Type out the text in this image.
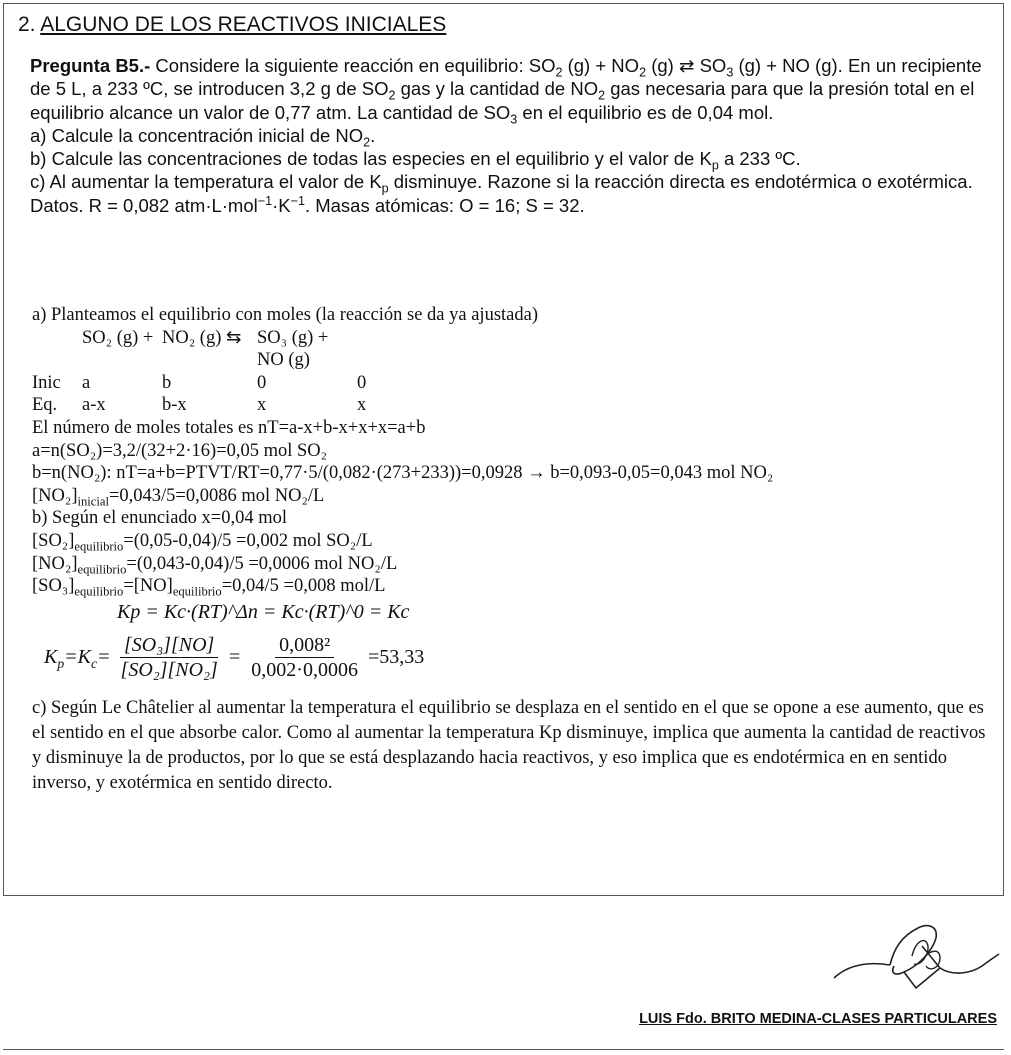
2. ALGUNO DE LOS REACTIVOS INICIALES
Pregunta B5.- Considere la siguiente reacción en equilibrio: $SO_2$ $(g) + NO_2$ (g) ⇄ $SO_3$ (g) + NO (g). En un recipiente de 5 L, a 233 ºC, se introducen 3,2 g de $SO_2$ gas y la cantidad de $NO_2$ gas necesaria para que la presión total en el equilibrio alcance un valor de 0,77 atm. La cantidad de $SO_3$ en el equilibrio es de 0,04 mol.
a) Calcule la concentración inicial de $NO_2$.
b) Calcule las concentraciones de todas las especies en el equilibrio y el valor de $K_p$ a 233 ºC.
c) Al aumentar la temperatura el valor de $K_p$ disminuye. Razone si la reacción directa es endotérmica o exotérmica.
Datos. R = 0,082 $atm\cdot L\cdot mol^{-1}\cdot K^{-1}$. Masas atómicas: O = 16; S = 32.
a) Planteamos el equilibrio con moles (la reacción se da ya ajustada)
SO₂ (g) + NO₂ (g) ⇆ SO₃ (g) + NO (g)
Inic	a	b	0	0
Eq.	a-x	b-x	x	x
El número de moles totales es nT=a-x+b-x+x+x=a+b
a=n(SO₂)=3,2/(32+2·16)=0,05 mol SO₂
b=n(NO₂): nT=a+b=PTVT/RT=0,77·5/(0,082·(273+233))=0,0928 → b=0,093-0,05=0,043 mol NO₂
$[NO_2]_{inicial}=0,043/5=0,0086$ mol NO₂/L
b) Según el enunciado x=0,04 mol
$[SO_2]_{equilibrio}=(0,05-0,04)/5 =0,002$ mol SO₂/L
$[NO_2]_{equilibrio}=(0,043-0,04)/5 =0,0006$ mol NO₂/L
$[SO_3]_{equilibrio}=[NO]_{equilibrio}=0,04/5 =0,008$ mol/L
Kp = Kc·(RT)^Δn = Kc·(RT)^0 = Kc
$K_p=K_c= \frac{\text{[SO₃][NO]}}{\text{[SO₂][NO₂]}} = \frac{\text{0,008²}}{0,002\cdot 0,0006} =53,33$
c) Según Le Châtelier al aumentar la temperatura el equilibrio se desplaza en el sentido en el que se opone a ese aumento, que es el sentido en el que absorbe calor. Como al aumentar la temperatura Kp disminuye, implica que aumenta la cantidad de reactivos y disminuye la de productos, por lo que se está desplazando hacia reactivos, y eso implica que es endotérmica en en sentido inverso, y exotérmica en sentido directo.
LUIS Fdo. BRITO MEDINA-CLASES PARTICULARES
